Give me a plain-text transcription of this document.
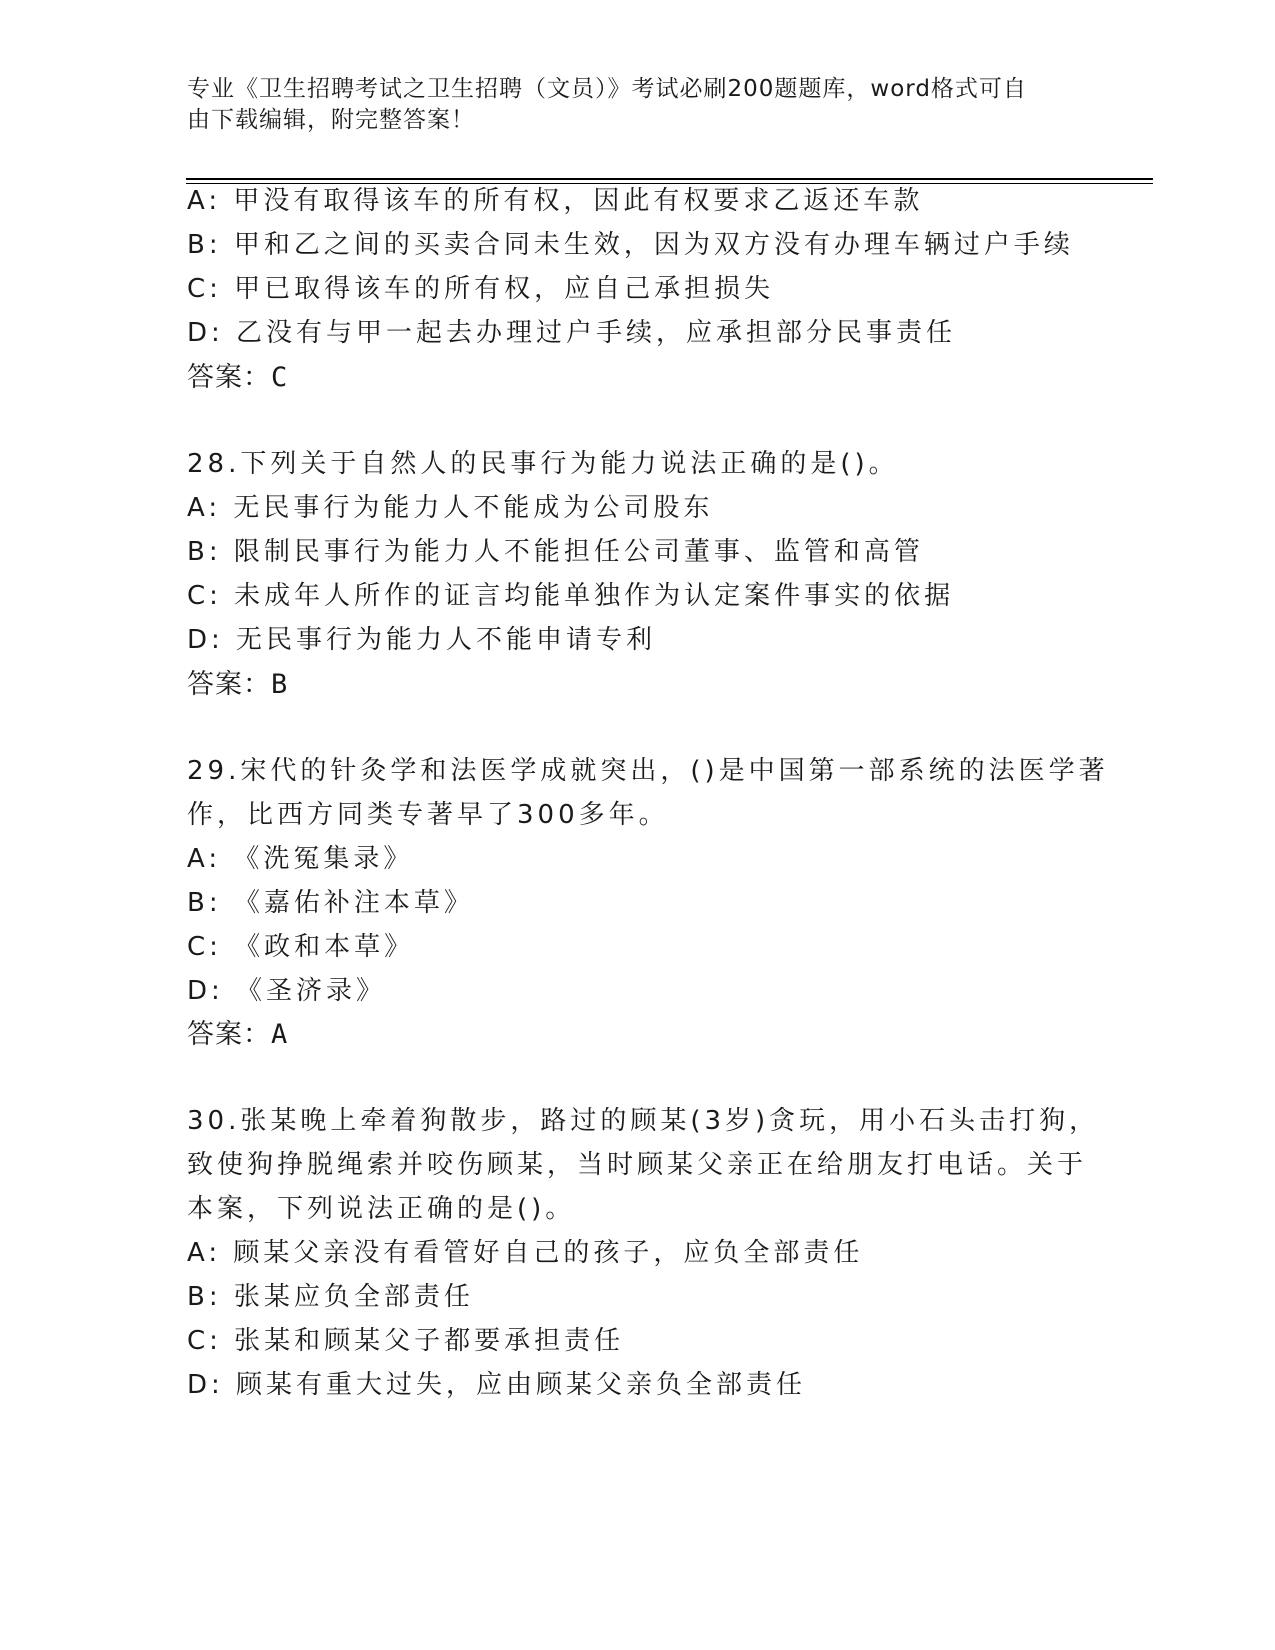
专业《卫生招聘考试之卫生招聘（文员）》考试必刷200题题库，word格式可自
由下载编辑，附完整答案！
A: 甲没有取得该车的所有权，因此有权要求乙返还车款
B: 甲和乙之间的买卖合同未生效，因为双方没有办理车辆过户手续
C: 甲已取得该车的所有权，应自己承担损失
D: 乙没有与甲一起去办理过户手续，应承担部分民事责任
答案：C
28.下列关于自然人的民事行为能力说法正确的是()。
A: 无民事行为能力人不能成为公司股东
B: 限制民事行为能力人不能担任公司董事、监管和高管
C: 未成年人所作的证言均能单独作为认定案件事实的依据
D: 无民事行为能力人不能申请专利
答案：B
29.宋代的针灸学和法医学成就突出，()是中国第一部系统的法医学著
作，比西方同类专著早了300多年。
A: 《洗冤集录》
B: 《嘉佑补注本草》
C: 《政和本草》
D: 《圣济录》
答案：A
30.张某晚上牵着狗散步，路过的顾某(3岁)贪玩，用小石头击打狗，
致使狗挣脱绳索并咬伤顾某，当时顾某父亲正在给朋友打电话。关于
本案，下列说法正确的是()。
A: 顾某父亲没有看管好自己的孩子，应负全部责任
B: 张某应负全部责任
C: 张某和顾某父子都要承担责任
D: 顾某有重大过失，应由顾某父亲负全部责任
